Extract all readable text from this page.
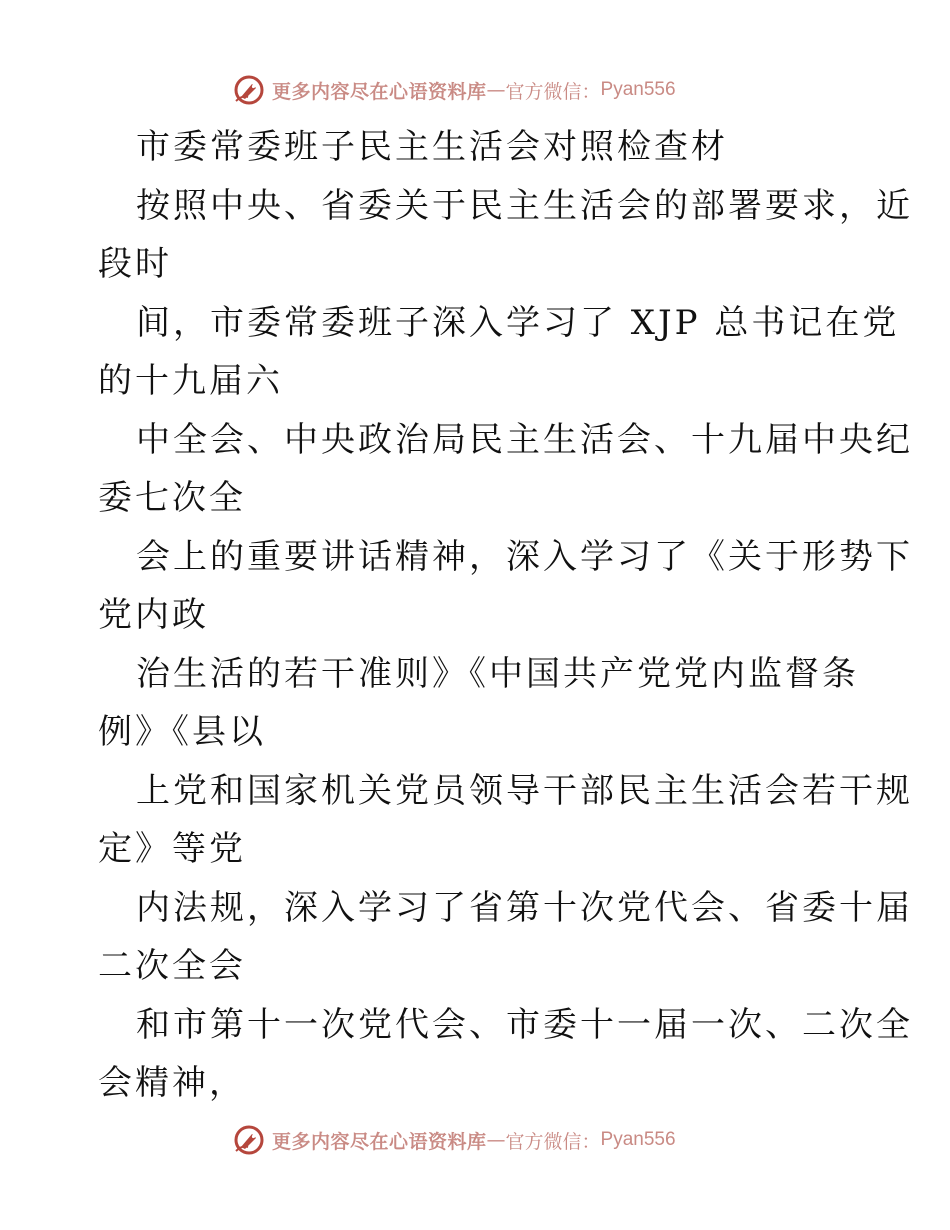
更多内容尽在心语资料库 — 官方微信： Pyan556

市委常委班子民主生活会对照检查材

按照中央、省委关于民主生活会的部署要求，近

段时

间，市委常委班子深入学习了 XJP 总书记在党

的十九届六

中全会、中央政治局民主生活会、十九届中央纪

委七次全

会上的重要讲话精神，深入学习了《关于形势下

党内政

治生活的若干准则》《中国共产党党内监督条

例》《县以

上党和国家机关党员领导干部民主生活会若干规

定》等党

内法规，深入学习了省第十次党代会、省委十届

二次全会

和市第十一次党代会、市委十一届一次、二次全

会精神，

更多内容尽在心语资料库 — 官方微信： Pyan556
